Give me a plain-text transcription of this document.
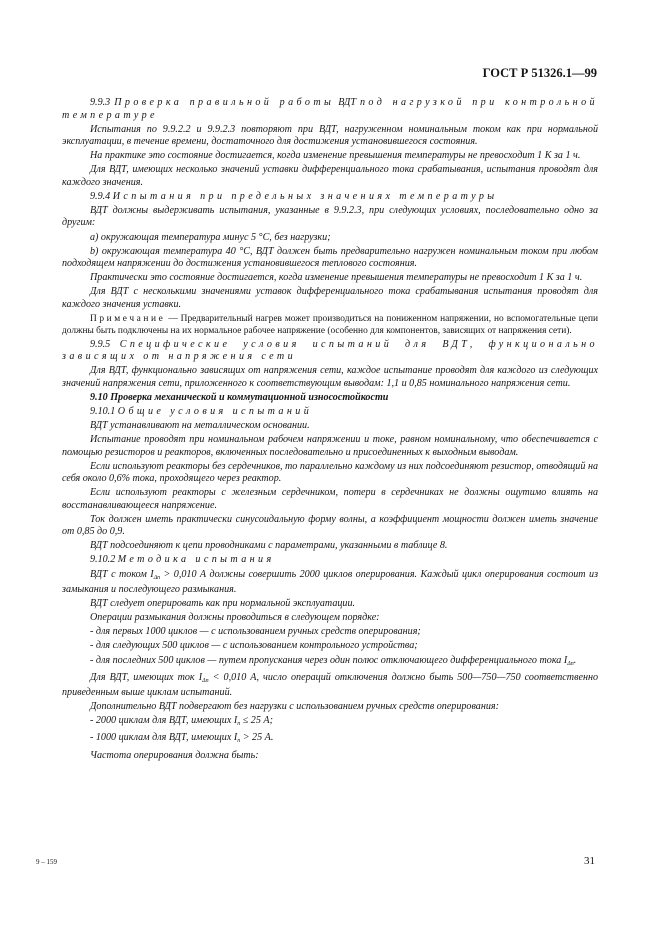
ГОСТ Р 51326.1—99

9.9.3 Проверка правильной работы ВДТ под нагрузкой при контрольной температуре

Испытания по 9.9.2.2 и 9.9.2.3 повторяют при ВДТ, нагруженном номинальным током как при нормальной эксплуатации, в течение времени, достаточного для достижения установившегося состояния.

На практике это состояние достигается, когда изменение превышения температуры не превосходит 1 К за 1 ч.

Для ВДТ, имеющих несколько значений уставки дифференциального тока срабатывания, испытания проводят для каждого значения.

9.9.4 Испытания при предельных значениях температуры

ВДТ должны выдерживать испытания, указанные в 9.9.2.3, при следующих условиях, последовательно одно за другим:

а) окружающая температура минус 5 °С, без нагрузки;

b) окружающая температура 40 °С, ВДТ должен быть предварительно нагружен номинальным током при любом подходящем напряжении до достижения установившегося теплового состояния.

Практически это состояние достигается, когда изменение превышения температуры не превосходит 1 К за 1 ч.

Для ВДТ с несколькими значениями уставок дифференциального тока срабатывания испытания проводят для каждого значения уставки.

Примечание — Предварительный нагрев может производиться на пониженном напряжении, но вспомогательные цепи должны быть подключены на их нормальное рабочее напряжение (особенно для компонентов, зависящих от напряжения сети).

9.9.5 Специфические условия испытаний для ВДТ, функционально зависящих от напряжения сети

Для ВДТ, функционально зависящих от напряжения сети, каждое испытание проводят для каждого из следующих значений напряжения сети, приложенного к соответствующим выводам: 1,1 и 0,85 номинального напряжения сети.

9.10 Проверка механической и коммутационной износостойкости

9.10.1 Общие условия испытаний

ВДТ устанавливают на металлическом основании.

Испытание проводят при номинальном рабочем напряжении и токе, равном номинальному, что обеспечивается с помощью резисторов и реакторов, включенных последовательно и присоединенных к выходным выводам.

Если используют реакторы без сердечников, то параллельно каждому из них подсоединяют резистор, отводящий на себя около 0,6% тока, проходящего через реактор.

Если используют реакторы с железным сердечником, потери в сердечниках не должны ощутимо влиять на восстанавливающееся напряжение.

Ток должен иметь практически синусоидальную форму волны, а коэффициент мощности должен иметь значение от 0,85 до 0,9.

ВДТ подсоединяют к цепи проводниками с параметрами, указанными в таблице 8.

9.10.2 Методика испытания

ВДТ с током $I_{\Delta n} > 0,010$ А должны совершить 2000 циклов оперирования. Каждый цикл оперирования состоит из замыкания и последующего размыкания.

ВДТ следует оперировать как при нормальной эксплуатации.

Операции размыкания должны проводиться в следующем порядке:

- для первых 1000 циклов — с использованием ручных средств оперирования;

- для следующих 500 циклов — с использованием контрольного устройства;

- для последних 500 циклов — путем пропускания через один полюс отключающего дифференциального тока $I_{\Delta n}$.

Для ВДТ, имеющих ток $I_{\Delta n} < 0,010$ А, число операций отключения должно быть 500—750—750 соответственно приведенным выше циклам испытаний.

Дополнительно ВДТ подвергают без нагрузки с использованием ручных средств оперирования:

- 2000 циклам для ВДТ, имеющих $I_n \le 25$ А;

- 1000 циклам для ВДТ, имеющих $I_n > 25$ А.

Частота оперирования должна быть:

9 – 159	31
